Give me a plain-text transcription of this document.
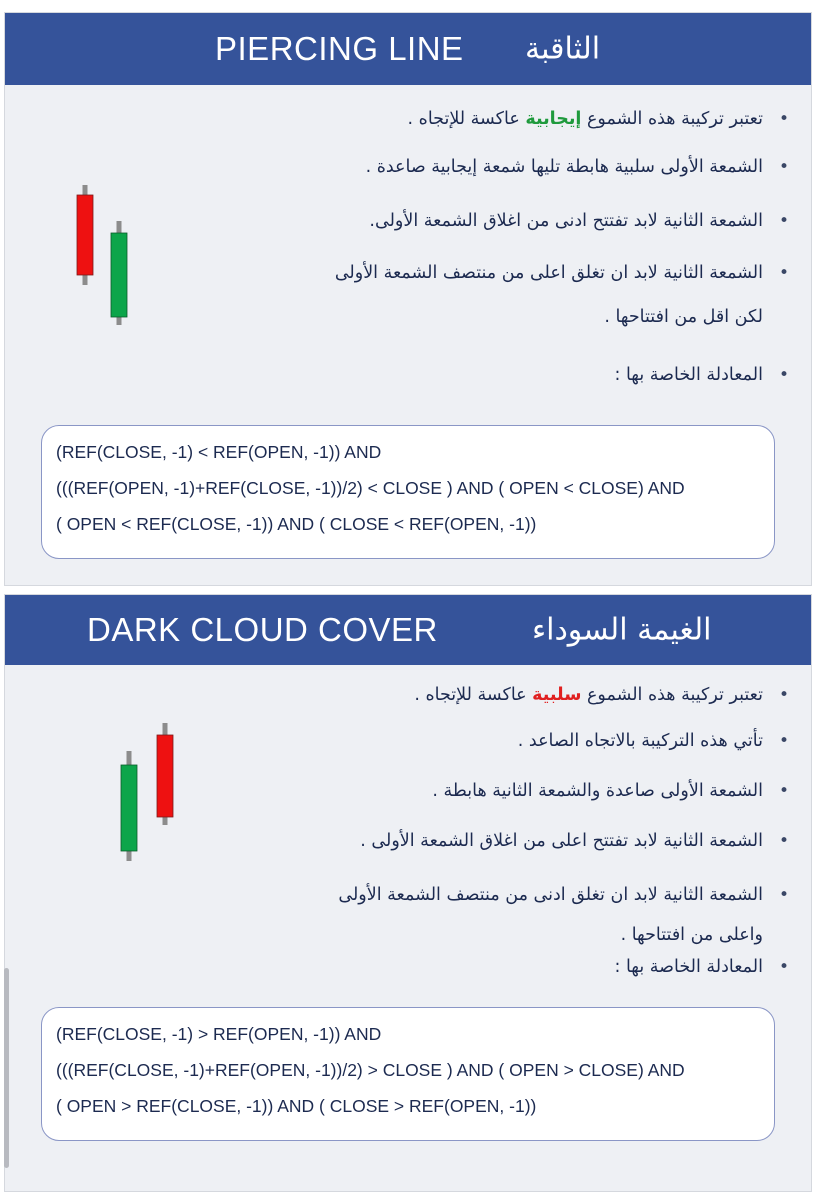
PIERCING LINE الثاقبة
•
تعتبر تركيبة هذه الشموع إيجابية عاكسة للإتجاه .
•
الشمعة الأولى سلبية هابطة تليها شمعة إيجابية صاعدة .
•
الشمعة الثانية لابد تفتتح ادنى من اغلاق الشمعة الأولى.
•
الشمعة الثانية لابد ان تغلق اعلى من منتصف الشمعة الأولى
لكن اقل من افتتاحها .
•
المعادلة الخاصة بها :
(REF(CLOSE, -1) < REF(OPEN, -1)) AND
(((REF(OPEN, -1)+REF(CLOSE, -1))/2) < CLOSE ) AND ( OPEN < CLOSE) AND
( OPEN < REF(CLOSE, -1)) AND ( CLOSE < REF(OPEN, -1))
DARK CLOUD COVER	الغيمة السوداء
•
تعتبر تركيبة هذه الشموع سلبية عاكسة للإتجاه .
•
تأتي هذه التركيبة بالاتجاه الصاعد .
•
الشمعة الأولى صاعدة والشمعة الثانية هابطة .
•
الشمعة الثانية لابد تفتتح اعلى من اغلاق الشمعة الأولى .
•
الشمعة الثانية لابد ان تغلق ادنى من منتصف الشمعة الأولى
واعلى من افتتاحها .
•
المعادلة الخاصة بها :
(REF(CLOSE, -1) > REF(OPEN, -1)) AND
(((REF(CLOSE, -1)+REF(OPEN, -1))/2) > CLOSE ) AND ( OPEN > CLOSE) AND
( OPEN > REF(CLOSE, -1)) AND ( CLOSE > REF(OPEN, -1))
